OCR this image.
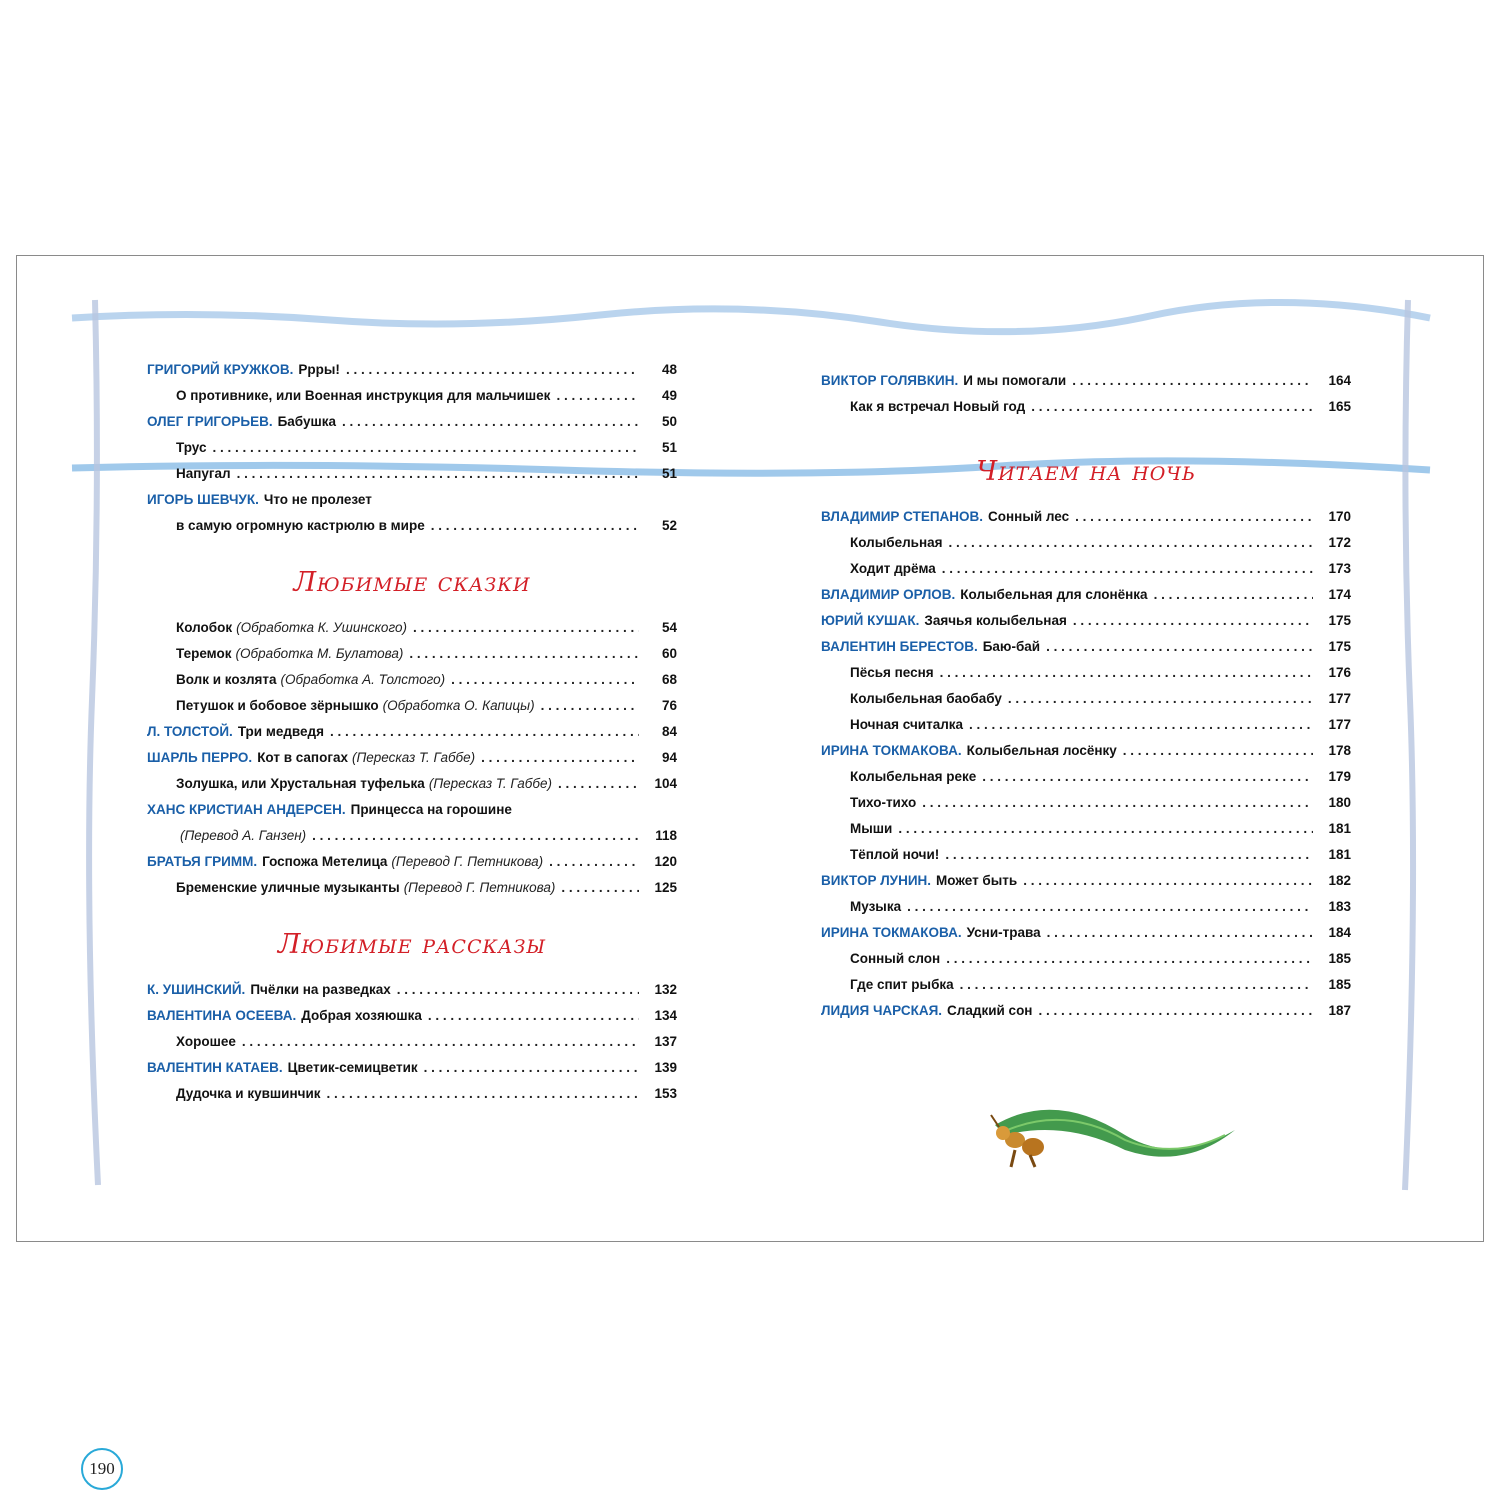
ГРИГОРИЙ КРУЖКОВ. Ррры! . . .	48
О противнике, или Военная инструкция для мальчишек . . .	49
ОЛЕГ ГРИГОРЬЕВ. Бабушка . . .	50
Трус . . .	51
Напугал . . .	51
ИГОРЬ ШЕВЧУК. Что не пролезет
в самую огромную кастрюлю в мире . . .	52
Любимые сказки
Колобок (Обработка К. Ушинского) . . .	54
Теремок (Обработка М. Булатова) . . .	60
Волк и козлята (Обработка А. Толстого) . . .	68
Петушок и бобовое зёрнышко (Обработка О. Капицы) . . .	76
Л. ТОЛСТОЙ. Три медведя . . .	84
ШАРЛЬ ПЕРРО. Кот в сапогах (Пересказ Т. Габбе) . . .	94
Золушка, или Хрустальная туфелька (Пересказ Т. Габбе) . . .	104
ХАНС КРИСТИАН АНДЕРСЕН. Принцесса на горошине
(Перевод А. Ганзен) . . .	118
БРАТЬЯ ГРИММ. Госпожа Метелица (Перевод Г. Петникова) . . .	120
Бременские уличные музыканты (Перевод Г. Петникова) . . .	125
Любимые рассказы
К. УШИНСКИЙ. Пчёлки на разведках . . .	132
ВАЛЕНТИНА ОСЕЕВА. Добрая хозяюшка . . .	134
Хорошее . . .	137
ВАЛЕНТИН КАТАЕВ. Цветик-семицветик . . .	139
Дудочка и кувшинчик . . .	153
ВИКТОР ГОЛЯВКИН. И мы помогали . . .	164
Как я встречал Новый год . . .	165
Читаем на ночь
ВЛАДИМИР СТЕПАНОВ. Сонный лес . . .	170
Колыбельная . . .	172
Ходит дрёма . . .	173
ВЛАДИМИР ОРЛОВ. Колыбельная для слонёнка . . .	174
ЮРИЙ КУШАК. Заячья колыбельная . . .	175
ВАЛЕНТИН БЕРЕСТОВ. Баю-бай . . .	175
Пёсья песня . . .	176
Колыбельная баобабу . . .	177
Ночная считалка . . .	177
ИРИНА ТОКМАКОВА. Колыбельная лосёнку . . .	178
Колыбельная реке . . .	179
Тихо-тихо . . .	180
Мыши . . .	181
Тёплой ночи! . . .	181
ВИКТОР ЛУНИН. Может быть . . .	182
Музыка . . .	183
ИРИНА ТОКМАКОВА. Усни-трава . . .	184
Сонный слон . . .	185
Где спит рыбка . . .	185
ЛИДИЯ ЧАРСКАЯ. Сладкий сон . . .	187
190
